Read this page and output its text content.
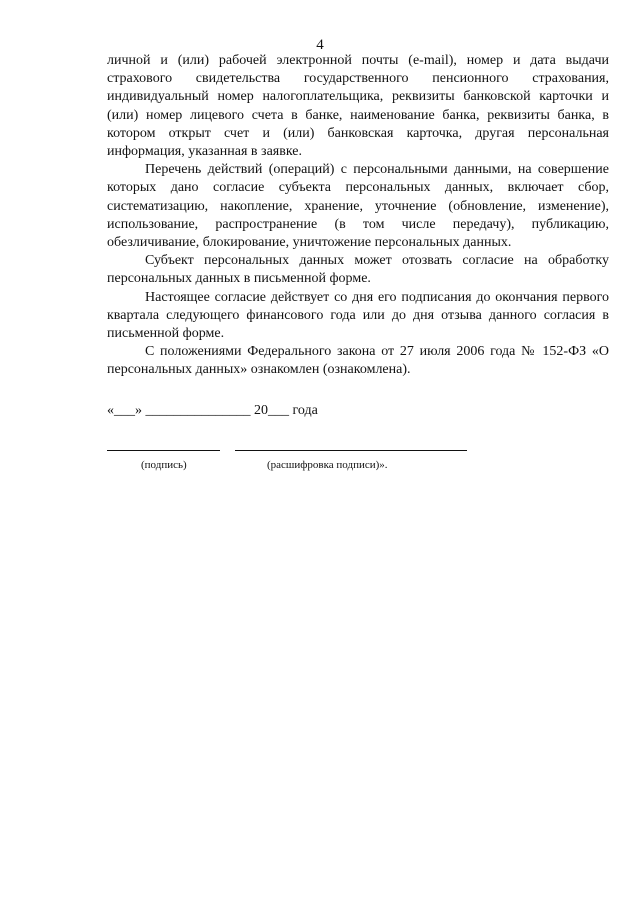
4

личной и (или) рабочей электронной почты (e-mail), номер и дата выдачи страхового свидетельства государственного пенсионного страхования, индивидуальный номер налогоплательщика, реквизиты банковской карточки и (или) номер лицевого счета в банке, наименование банка, реквизиты банка, в котором открыт счет и (или) банковская карточка, другая персональная информация, указанная в заявке.

Перечень действий (операций) с персональными данными, на совершение которых дано согласие субъекта персональных данных, включает сбор, систематизацию, накопление, хранение, уточнение (обновление, изменение), использование, распространение (в том числе передачу), публикацию, обезличивание, блокирование, уничтожение персональных данных.

Субъект персональных данных может отозвать согласие на обработку персональных данных в письменной форме.

Настоящее согласие действует со дня его подписания до окончания первого квартала следующего финансового года или до дня отзыва данного согласия в письменной форме.

С положениями Федерального закона от 27 июля 2006 года № 152-ФЗ «О персональных данных» ознакомлен (ознакомлена).

«___» _______________ 20___ года
(подпись)	(расшифровка подписи)».
